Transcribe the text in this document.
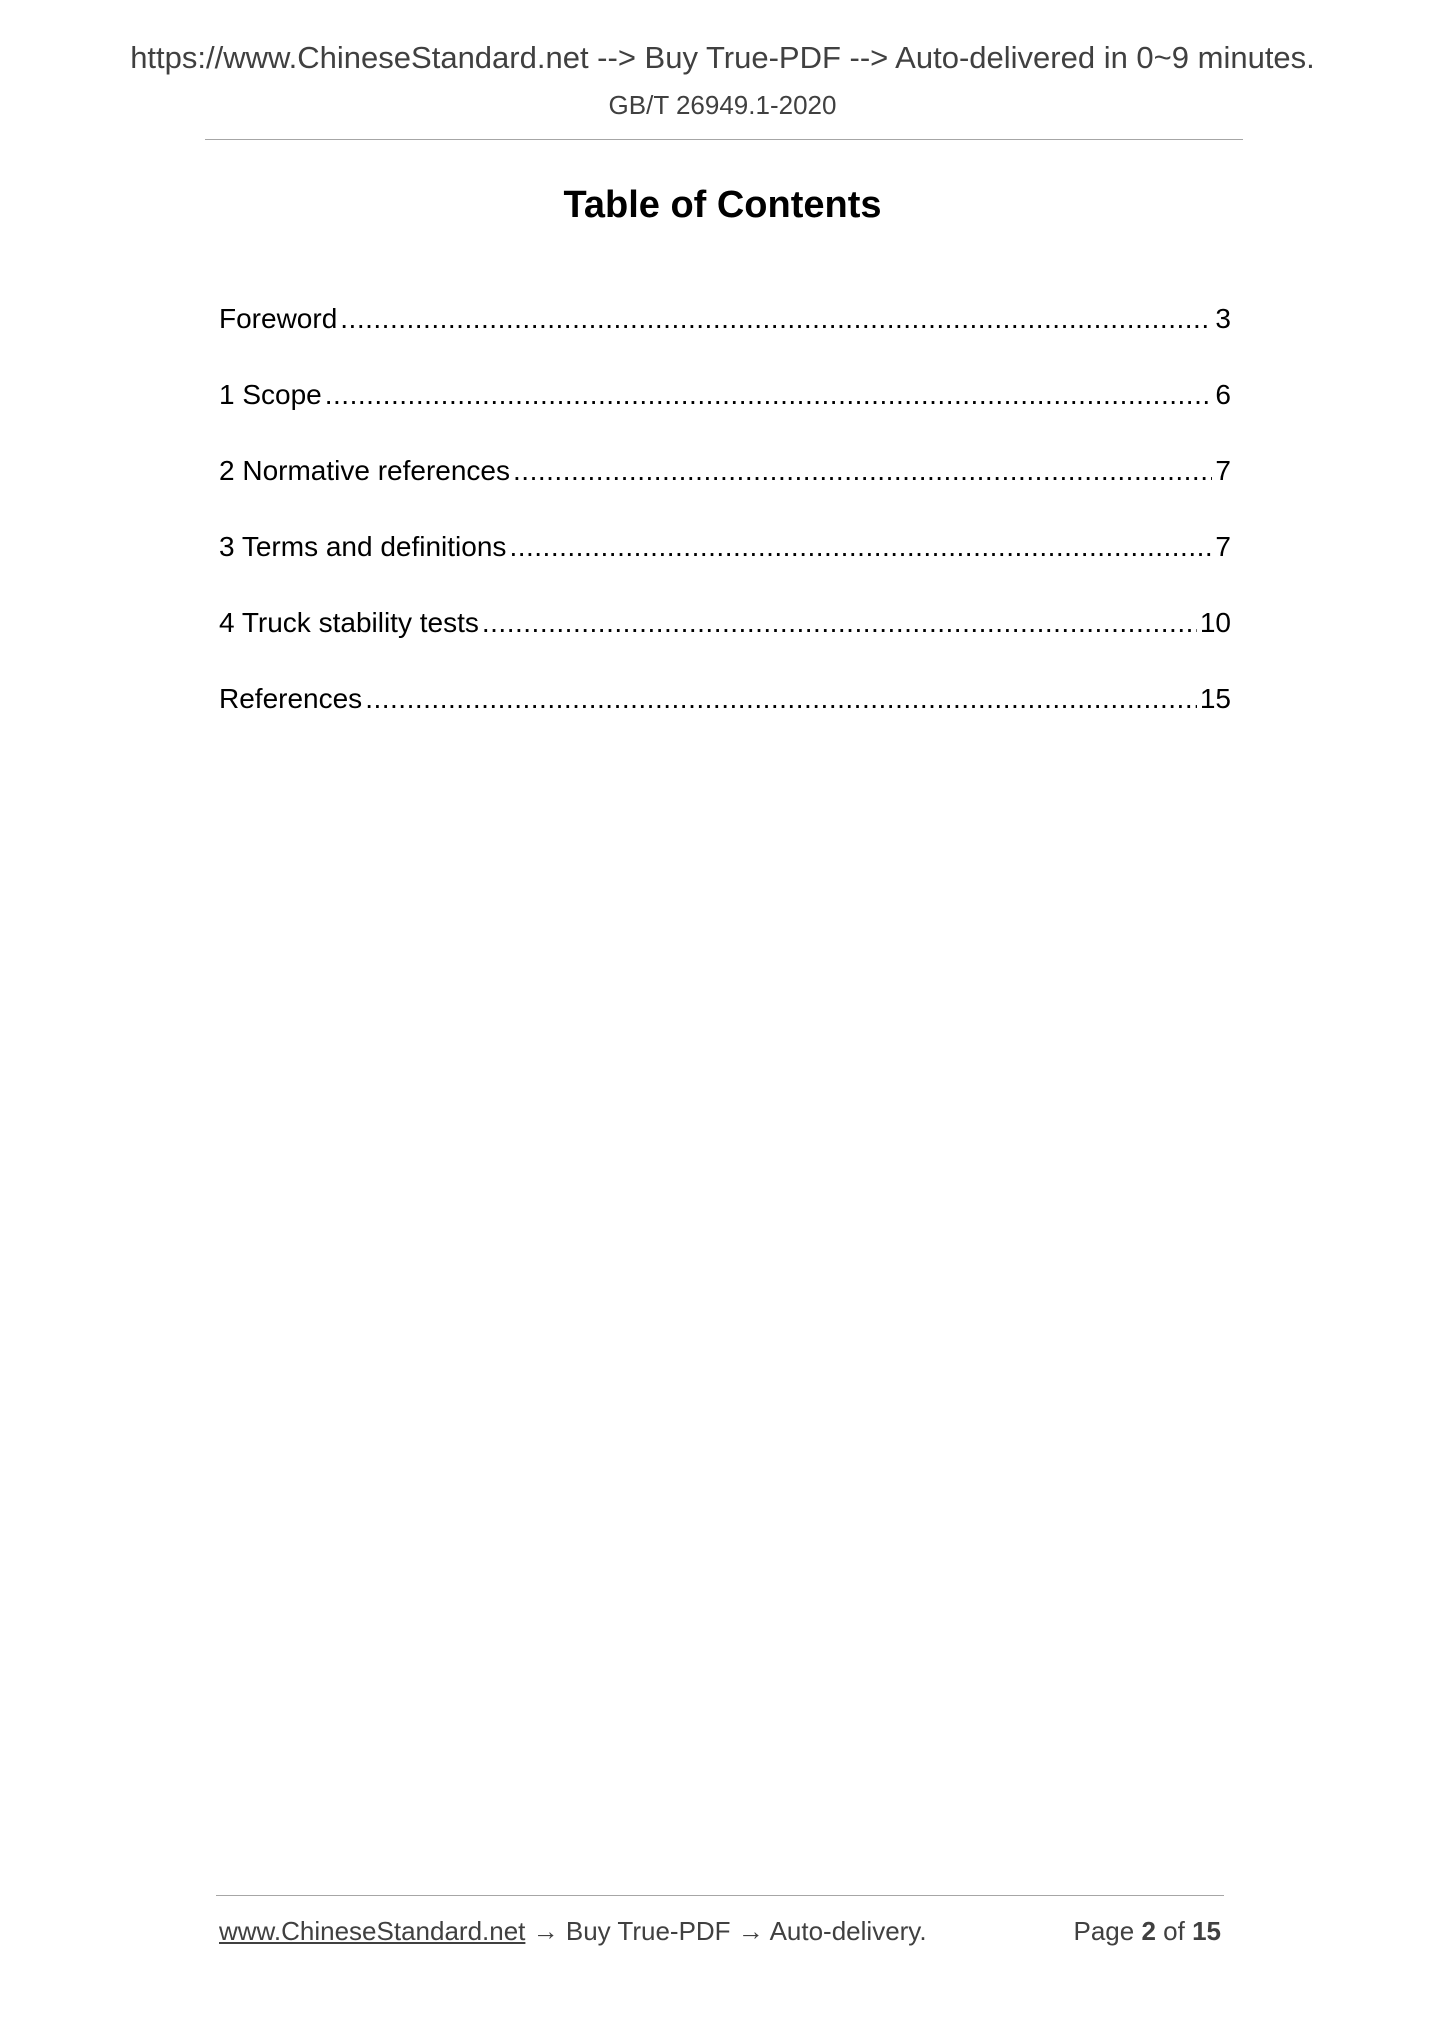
https://www.ChineseStandard.net --> Buy True-PDF --> Auto-delivered in 0~9 minutes.
GB/T 26949.1-2020
Table of Contents
Foreword .....	3
1 Scope .....	6
2 Normative references .....	7
3 Terms and definitions .....	7
4 Truck stability tests .....	10
References .....	15
www.ChineseStandard.net → Buy True-PDF → Auto-delivery.	Page 2 of 15
